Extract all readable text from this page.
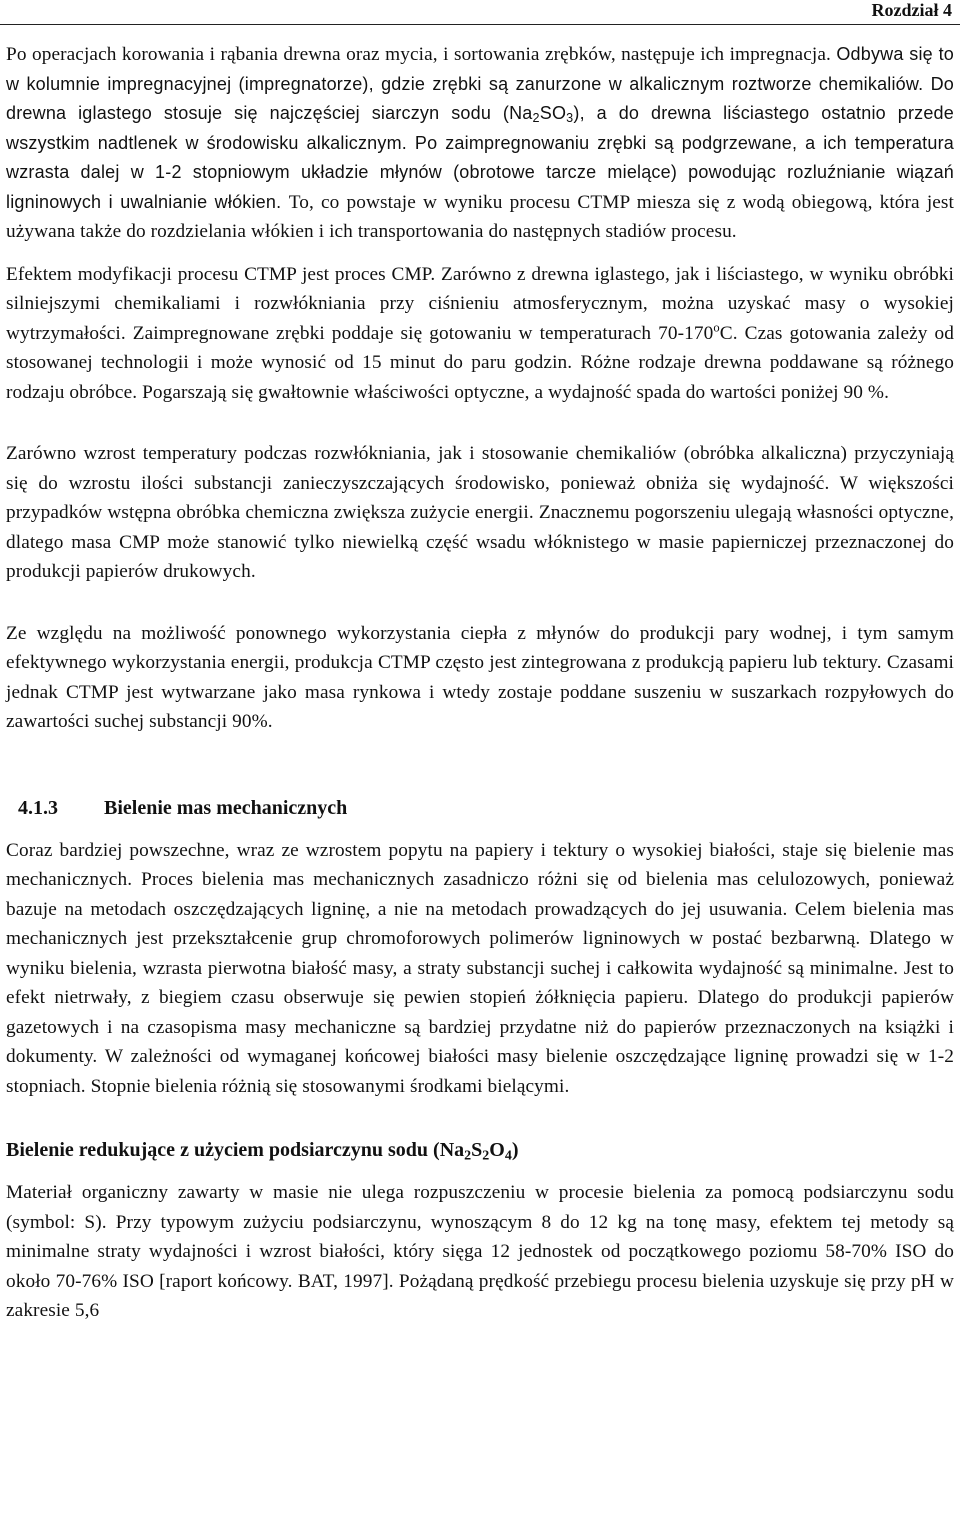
Rozdział 4

Po operacjach korowania i rąbania drewna oraz mycia, i sortowania zrębków, następuje ich impregnacja. Odbywa się to w kolumnie impregnacyjnej (impregnatorze), gdzie zrębki są zanurzone w alkalicznym roztworze chemikaliów. Do drewna iglastego stosuje się najczęściej siarczyn sodu $(Na_2SO_3)$, a do drewna liściastego ostatnio przede wszystkim nadtlenek w środowisku alkalicznym. Po zaimpregnowaniu zrębki są podgrzewane, a ich temperatura wzrasta dalej w 1-2 stopniowym układzie młynów (obrotowe tarcze mielące) powodując rozluźnianie wiązań ligninowych i uwalnianie włókien. To, co powstaje w wyniku procesu CTMP miesza się z wodą obiegową, która jest używana także do rozdzielania włókien i ich transportowania do następnych stadiów procesu.

Efektem modyfikacji procesu CTMP jest proces CMP. Zarówno z drewna iglastego, jak i liściastego, w wyniku obróbki silniejszymi chemikaliami i rozwłókniania przy ciśnieniu atmosferycznym, można uzyskać masy o wysokiej wytrzymałości. Zaimpregnowane zrębki poddaje się gotowaniu w temperaturach 70-170$^o$C. Czas gotowania zależy od stosowanej technologii i może wynosić od 15 minut do paru godzin. Różne rodzaje drewna poddawane są różnego rodzaju obróbce. Pogarszają się gwałtownie właściwości optyczne, a wydajność spada do wartości poniżej 90 %.

Zarówno wzrost temperatury podczas rozwłókniania, jak i stosowanie chemikaliów (obróbka alkaliczna) przyczyniają się do wzrostu ilości substancji zanieczyszczających środowisko, ponieważ obniża się wydajność. W większości przypadków wstępna obróbka chemiczna zwiększa zużycie energii. Znacznemu pogorszeniu ulegają własności optyczne, dlatego masa CMP może stanowić tylko niewielką część wsadu włóknistego w masie papierniczej przeznaczonej do produkcji papierów drukowych.

Ze względu na możliwość ponownego wykorzystania ciepła z młynów do produkcji pary wodnej, i tym samym efektywnego wykorzystania energii, produkcja CTMP często jest zintegrowana z produkcją papieru lub tektury. Czasami jednak CTMP jest wytwarzane jako masa rynkowa i wtedy zostaje poddane suszeniu w suszarkach rozpyłowych do zawartości suchej substancji 90%.

4.1.3 Bielenie mas mechanicznych

Coraz bardziej powszechne, wraz ze wzrostem popytu na papiery i tektury o wysokiej białości, staje się bielenie mas mechanicznych. Proces bielenia mas mechanicznych zasadniczo różni się od bielenia mas celulozowych, ponieważ bazuje na metodach oszczędzających ligninę, a nie na metodach prowadzących do jej usuwania. Celem bielenia mas mechanicznych jest przekształcenie grup chromoforowych polimerów ligninowych w postać bezbarwną. Dlatego w wyniku bielenia, wzrasta pierwotna białość masy, a straty substancji suchej i całkowita wydajność są minimalne. Jest to efekt nietrwały, z biegiem czasu obserwuje się pewien stopień żółknięcia papieru. Dlatego do produkcji papierów gazetowych i na czasopisma masy mechaniczne są bardziej przydatne niż do papierów przeznaczonych na książki i dokumenty. W zależności od wymaganej końcowej białości masy bielenie oszczędzające ligninę prowadzi się w 1-2 stopniach. Stopnie bielenia różnią się stosowanymi środkami bielącymi.

Bielenie redukujące z użyciem podsiarczynu sodu $(Na_2S_2O_4)$

Materiał organiczny zawarty w masie nie ulega rozpuszczeniu w procesie bielenia za pomocą podsiarczynu sodu (symbol: S). Przy typowym zużyciu podsiarczynu, wynoszącym 8 do 12 kg na tonę masy, efektem tej metody są minimalne straty wydajności i wzrost białości, który sięga 12 jednostek od początkowego poziomu 58-70% ISO do około 70-76% ISO [raport końcowy. BAT, 1997]. Pożądaną prędkość przebiegu procesu bielenia uzyskuje się przy pH w zakresie 5,6
